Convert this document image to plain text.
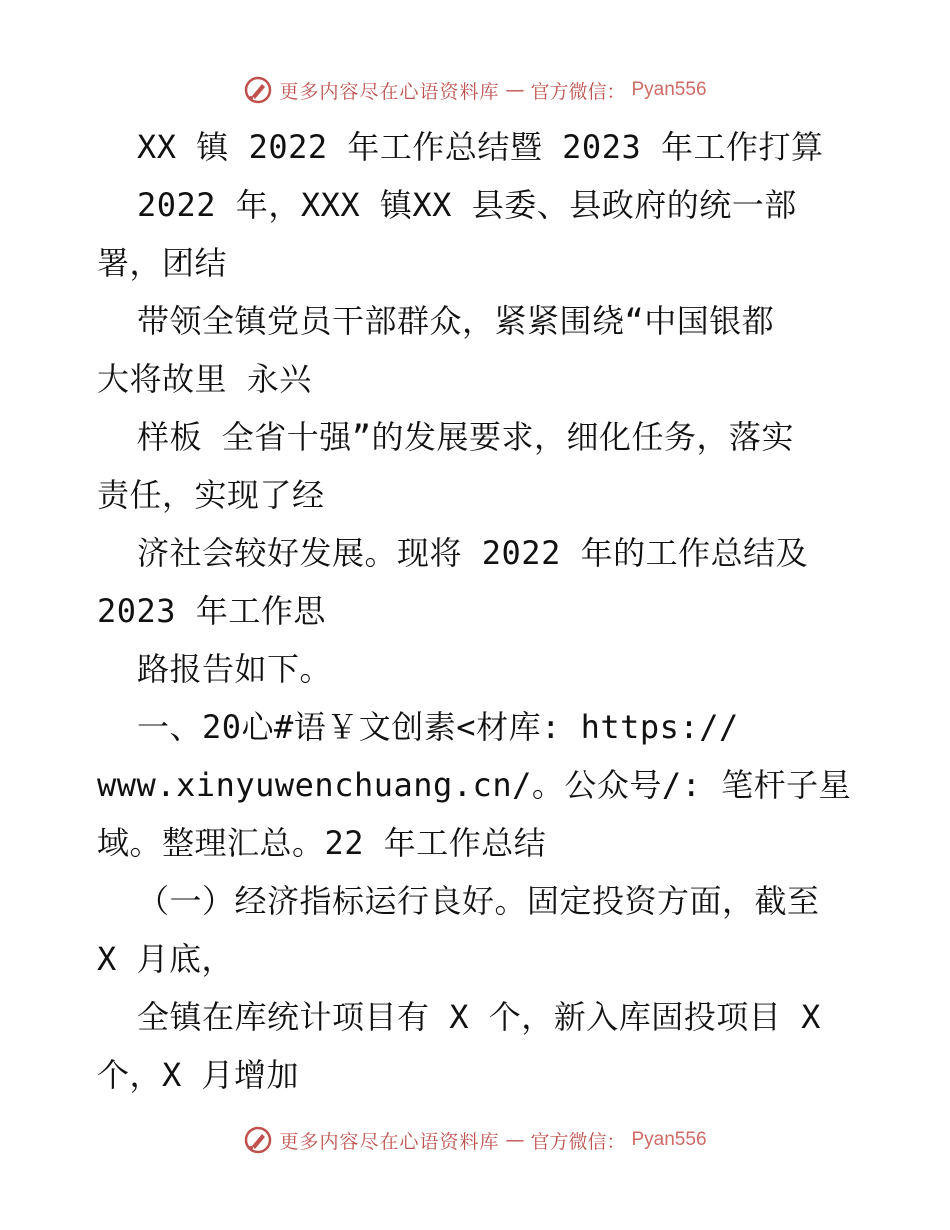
更多内容尽在心语资料库 — 官方微信： Pyan556
XX 镇 2022 年工作总结暨 2023 年工作打算
2022 年，XXX 镇XX 县委、县政府的统一部
署，团结
带领全镇党员干部群众，紧紧围绕“中国银都
大将故里 永兴
样板 全省十强”的发展要求，细化任务，落实
责任，实现了经
济社会较好发展。现将 2022 年的工作总结及
2023 年工作思
路报告如下。
一、20心#语￥文创素<材库: https://
www.xinyuwenchuang.cn/。公众号/: 笔杆子星
域。整理汇总。22 年工作总结
（一）经济指标运行良好。固定投资方面，截至
X 月底，
全镇在库统计项目有 X 个，新入库固投项目 X
个，X 月增加
更多内容尽在心语资料库 — 官方微信： Pyan556
